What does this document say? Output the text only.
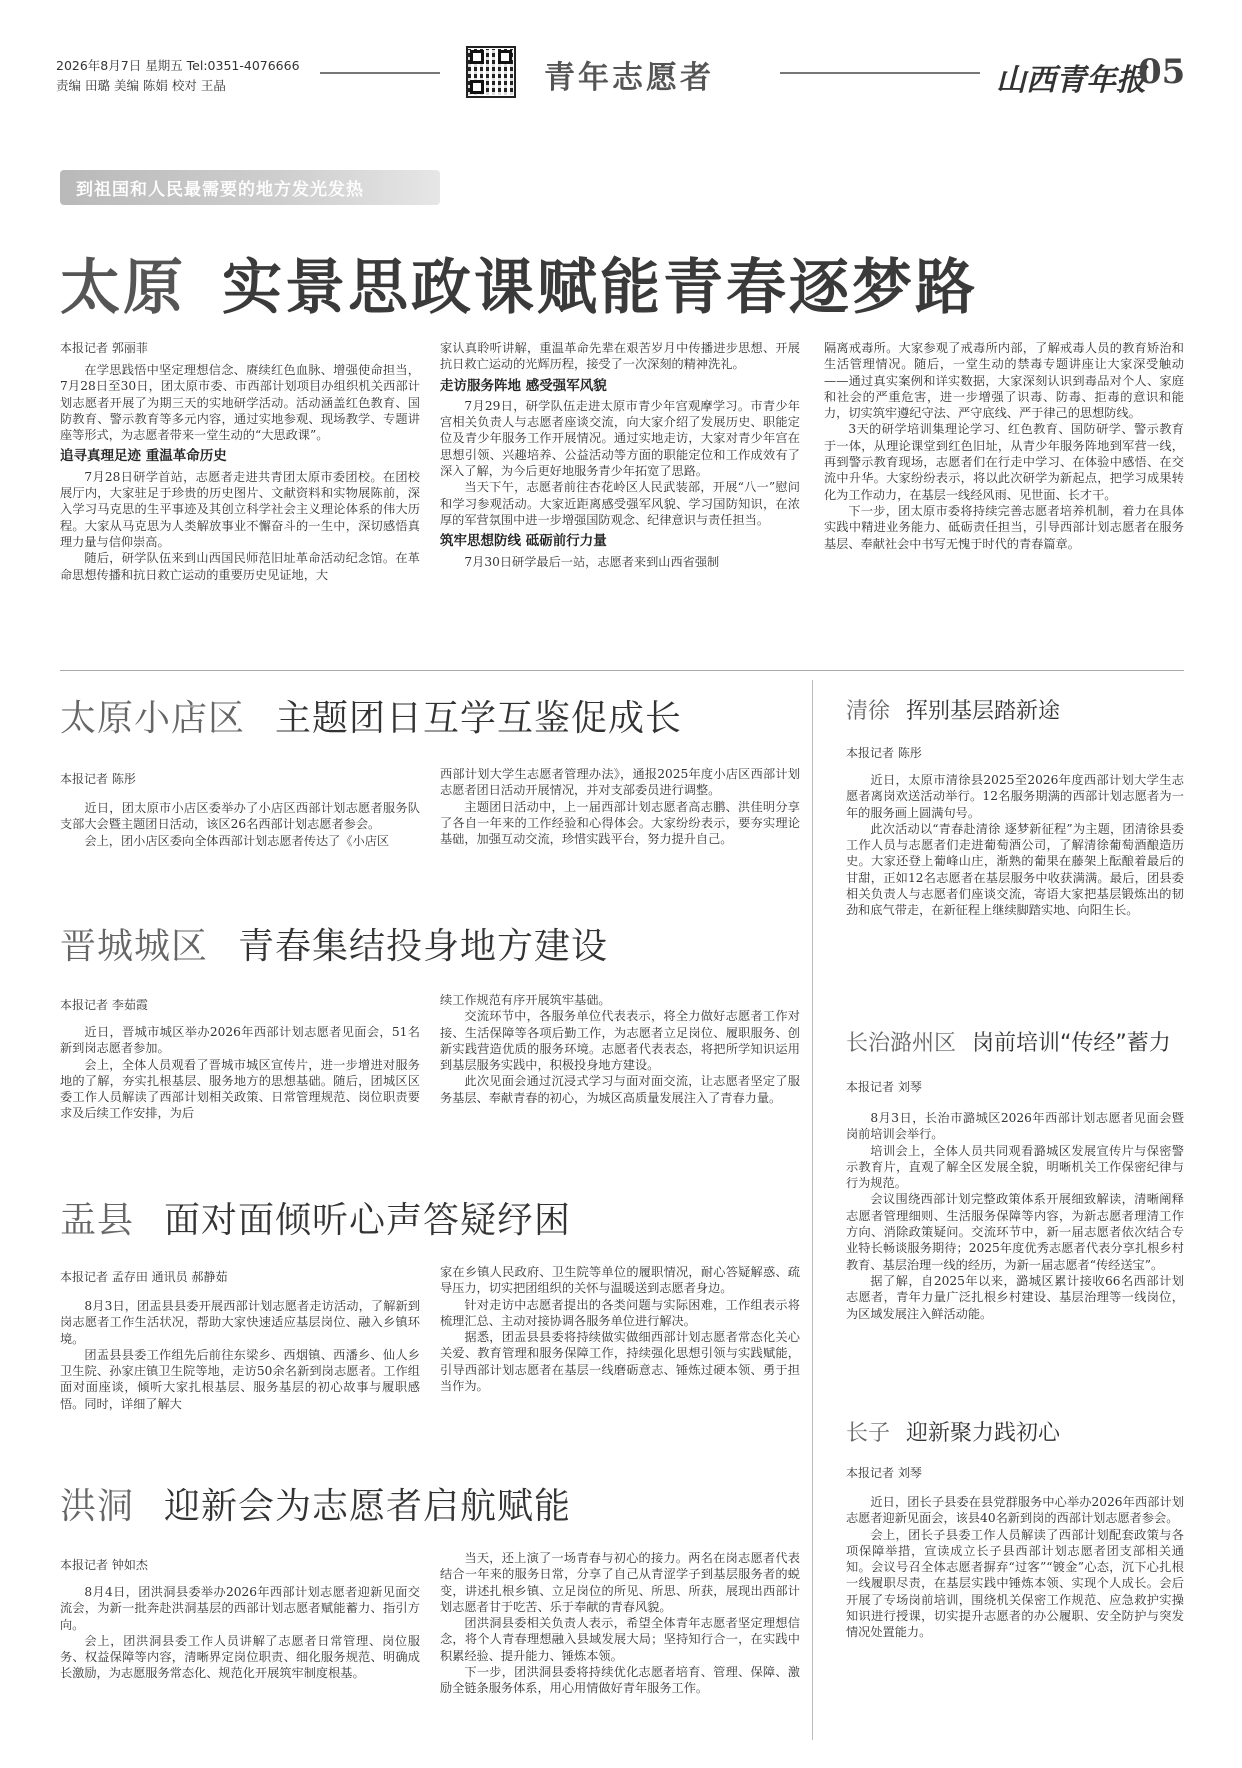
2026年8月7日 星期五 Tel:0351-4076666
责编 田璐 美编 陈娟 校对 王晶	青年志愿者	山西青年报
05
到祖国和人民最需要的地方发光发热
太原 实景思政课赋能青春逐梦路
本报记者 郭丽菲

在学思践悟中坚定理想信念、赓续红色血脉、增强使命担当，7月28日至30日，团太原市委、市西部计划项目办组织机关西部计划志愿者开展了为期三天的实地研学活动。活动涵盖红色教育、国防教育、警示教育等多元内容，通过实地参观、现场教学、专题讲座等形式，为志愿者带来一堂生动的“大思政课”。

追寻真理足迹 重温革命历史

7月28日研学首站，志愿者走进共青团太原市委团校。在团校展厅内，大家驻足于珍贵的历史图片、文献资料和实物展陈前，深入学习马克思的生平事迹及其创立科学社会主义理论体系的伟大历程。大家从马克思为人类解放事业不懈奋斗的一生中，深切感悟真理力量与信仰崇高。

随后，研学队伍来到山西国民师范旧址革命活动纪念馆。在革命思想传播和抗日救亡运动的重要历史见证地，大

家认真聆听讲解，重温革命先辈在艰苦岁月中传播进步思想、开展抗日救亡运动的光辉历程，接受了一次深刻的精神洗礼。

走访服务阵地 感受强军风貌

7月29日，研学队伍走进太原市青少年宫观摩学习。市青少年宫相关负责人与志愿者座谈交流，向大家介绍了发展历史、职能定位及青少年服务工作开展情况。通过实地走访，大家对青少年宫在思想引领、兴趣培养、公益活动等方面的职能定位和工作成效有了深入了解，为今后更好地服务青少年拓宽了思路。

当天下午，志愿者前往杏花岭区人民武装部，开展“八一”慰问和学习参观活动。大家近距离感受强军风貌、学习国防知识，在浓厚的军营氛围中进一步增强国防观念、纪律意识与责任担当。

筑牢思想防线 砥砺前行力量

7月30日研学最后一站，志愿者来到山西省强制

隔离戒毒所。大家参观了戒毒所内部，了解戒毒人员的教育矫治和生活管理情况。随后，一堂生动的禁毒专题讲座让大家深受触动——通过真实案例和详实数据，大家深刻认识到毒品对个人、家庭和社会的严重危害，进一步增强了识毒、防毒、拒毒的意识和能力，切实筑牢遵纪守法、严守底线、严于律己的思想防线。

3天的研学培训集理论学习、红色教育、国防研学、警示教育于一体，从理论课堂到红色旧址，从青少年服务阵地到军营一线，再到警示教育现场，志愿者们在行走中学习、在体验中感悟、在交流中升华。大家纷纷表示，将以此次研学为新起点，把学习成果转化为工作动力，在基层一线经风雨、见世面、长才干。

下一步，团太原市委将持续完善志愿者培养机制，着力在具体实践中精进业务能力、砥砺责任担当，引导西部计划志愿者在服务基层、奉献社会中书写无愧于时代的青春篇章。

太原小店区 主题团日互学互鉴促成长
本报记者 陈彤

近日，团太原市小店区委举办了小店区西部计划志愿者服务队支部大会暨主题团日活动，该区26名西部计划志愿者参会。

会上，团小店区委向全体西部计划志愿者传达了《小店区

西部计划大学生志愿者管理办法》，通报2025年度小店区西部计划志愿者团日活动开展情况，并对支部委员进行调整。

主题团日活动中，上一届西部计划志愿者高志鹏、洪佳明分享了各自一年来的工作经验和心得体会。大家纷纷表示，要夯实理论基础，加强互动交流，珍惜实践平台，努力提升自己。

晋城城区 青春集结投身地方建设
本报记者 李茹霞

近日，晋城市城区举办2026年西部计划志愿者见面会，51名新到岗志愿者参加。

会上，全体人员观看了晋城市城区宣传片，进一步增进对服务地的了解，夯实扎根基层、服务地方的思想基础。随后，团城区区委工作人员解读了西部计划相关政策、日常管理规范、岗位职责要求及后续工作安排，为后

续工作规范有序开展筑牢基础。

交流环节中，各服务单位代表表示，将全力做好志愿者工作对接、生活保障等各项后勤工作，为志愿者立足岗位、履职服务、创新实践营造优质的服务环境。志愿者代表表态，将把所学知识运用到基层服务实践中，积极投身地方建设。

此次见面会通过沉浸式学习与面对面交流，让志愿者坚定了服务基层、奉献青春的初心，为城区高质量发展注入了青春力量。

盂县 面对面倾听心声答疑纾困
本报记者 孟存田 通讯员 郝静茹

8月3日，团盂县县委开展西部计划志愿者走访活动，了解新到岗志愿者工作生活状况，帮助大家快速适应基层岗位、融入乡镇环境。

团盂县县委工作组先后前往东梁乡、西烟镇、西潘乡、仙人乡卫生院、孙家庄镇卫生院等地，走访50余名新到岗志愿者。工作组面对面座谈，倾听大家扎根基层、服务基层的初心故事与履职感悟。同时，详细了解大

家在乡镇人民政府、卫生院等单位的履职情况，耐心答疑解惑、疏导压力，切实把团组织的关怀与温暖送到志愿者身边。

针对走访中志愿者提出的各类问题与实际困难，工作组表示将梳理汇总、主动对接协调各服务单位进行解决。

据悉，团盂县县委将持续做实做细西部计划志愿者常态化关心关爱、教育管理和服务保障工作，持续强化思想引领与实践赋能，引导西部计划志愿者在基层一线磨砺意志、锤炼过硬本领、勇于担当作为。

洪洞 迎新会为志愿者启航赋能
本报记者 钟如杰

8月4日，团洪洞县委举办2026年西部计划志愿者迎新见面交流会，为新一批奔赴洪洞基层的西部计划志愿者赋能蓄力、指引方向。

会上，团洪洞县委工作人员讲解了志愿者日常管理、岗位服务、权益保障等内容，清晰界定岗位职责、细化服务规范、明确成长激励，为志愿服务常态化、规范化开展筑牢制度根基。

当天，还上演了一场青春与初心的接力。两名在岗志愿者代表结合一年来的服务日常，分享了自己从青涩学子到基层服务者的蜕变，讲述扎根乡镇、立足岗位的所见、所思、所获，展现出西部计划志愿者甘于吃苦、乐于奉献的青春风貌。

团洪洞县委相关负责人表示，希望全体青年志愿者坚定理想信念，将个人青春理想融入县域发展大局；坚持知行合一，在实践中积累经验、提升能力、锤炼本领。

下一步，团洪洞县委将持续优化志愿者培育、管理、保障、激励全链条服务体系，用心用情做好青年服务工作。

清徐 挥别基层踏新途
本报记者 陈彤

近日，太原市清徐县2025至2026年度西部计划大学生志愿者离岗欢送活动举行。12名服务期满的西部计划志愿者为一年的服务画上圆满句号。

此次活动以“青春赴清徐 逐梦新征程”为主题，团清徐县委工作人员与志愿者们走进葡萄酒公司，了解清徐葡萄酒酿造历史。大家还登上葡峰山庄，渐熟的葡果在藤架上酝酿着最后的甘甜，正如12名志愿者在基层服务中收获满满。最后，团县委相关负责人与志愿者们座谈交流，寄语大家把基层锻炼出的韧劲和底气带走，在新征程上继续脚踏实地、向阳生长。

长治潞州区 岗前培训“传经”蓄力
本报记者 刘琴

8月3日，长治市潞城区2026年西部计划志愿者见面会暨岗前培训会举行。

培训会上，全体人员共同观看潞城区发展宣传片与保密警示教育片，直观了解全区发展全貌，明晰机关工作保密纪律与行为规范。

会议围绕西部计划完整政策体系开展细致解读，清晰阐释志愿者管理细则、生活服务保障等内容，为新志愿者理清工作方向、消除政策疑问。交流环节中，新一届志愿者依次结合专业特长畅谈服务期待；2025年度优秀志愿者代表分享扎根乡村教育、基层治理一线的经历，为新一届志愿者“传经送宝”。

据了解，自2025年以来，潞城区累计接收66名西部计划志愿者，青年力量广泛扎根乡村建设、基层治理等一线岗位，为区域发展注入鲜活动能。

长子 迎新聚力践初心
本报记者 刘琴

近日，团长子县委在县党群服务中心举办2026年西部计划志愿者迎新见面会，该县40名新到岗的西部计划志愿者参会。

会上，团长子县委工作人员解读了西部计划配套政策与各项保障举措，宣读成立长子县西部计划志愿者团支部相关通知。会议号召全体志愿者摒弃“过客”“镀金”心态，沉下心扎根一线履职尽责，在基层实践中锤炼本领、实现个人成长。会后开展了专场岗前培训，围绕机关保密工作规范、应急救护实操知识进行授课，切实提升志愿者的办公履职、安全防护与突发情况处置能力。
